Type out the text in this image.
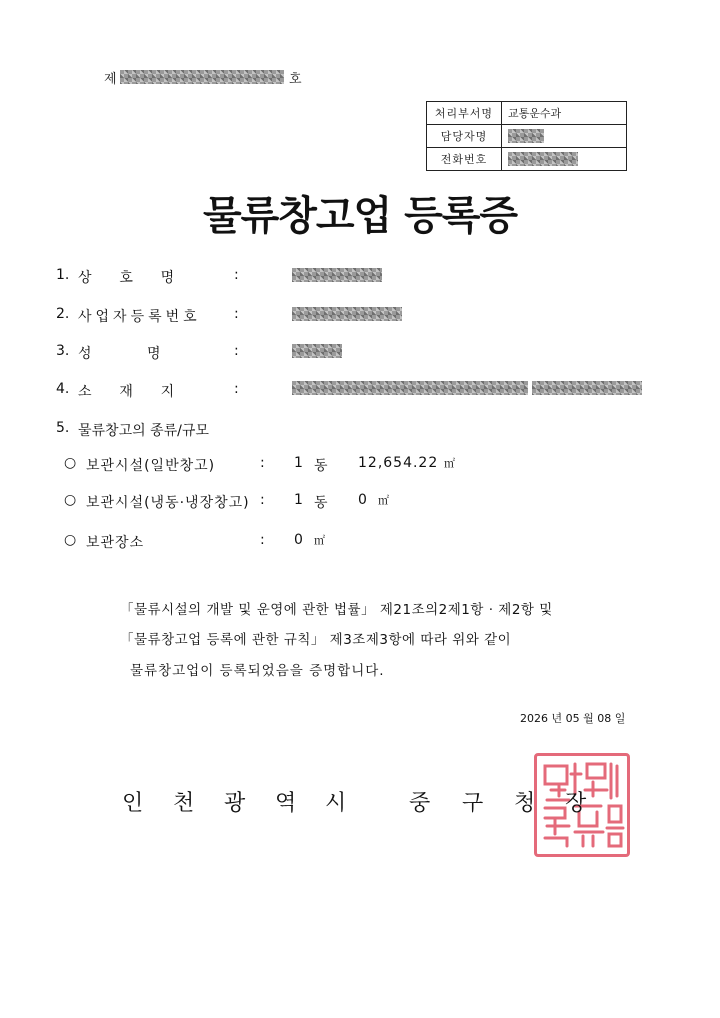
제	호
처리부서명	교통운수과
담당자명	

전화번호	
물류창고업 등록증
1. 상    호    명	:
2. 사업자등록번호 :
3. 성          명	:
4. 소    재    지	:
5. 물류창고의 종류/규모
○ 보관시설(일반창고)	: 1 동 12,654.22 ㎡
○ 보관시설(냉동·냉장창고) : 1 동 0 ㎡
○ 보관장소	: 0 ㎡
「물류시설의 개발 및 운영에 관한 법률」 제21조의2제1항 · 제2항 및
「물류창고업 등록에 관한 규칙」 제3조제3항에 따라 위와 같이
물류창고업이 등록되었음을 증명합니다.
2026 년 05 월 08 일
인 천 광 역 시	중 구 청 장
